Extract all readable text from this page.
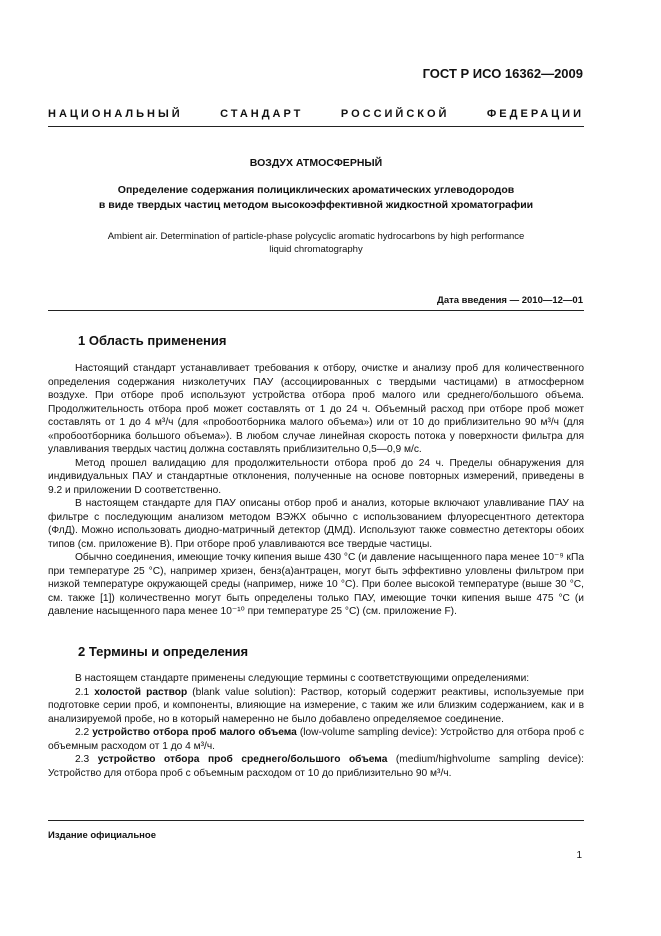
ГОСТ Р ИСО 16362—2009
НАЦИОНАЛЬНЫЙ	СТАНДАРТ	РОССИЙСКОЙ	ФЕДЕРАЦИИ
ВОЗДУХ АТМОСФЕРНЫЙ
Определение содержания полициклических ароматических углеводородов
в виде твердых частиц методом высокоэффективной жидкостной хроматографии
Ambient air. Determination of particle-phase polycyclic aromatic hydrocarbons by high performance
liquid chromatography
Дата введения — 2010—12—01
1 Область применения

Настоящий стандарт устанавливает требования к отбору, очистке и анализу проб для количественного определения содержания низколетучих ПАУ (ассоциированных с твердыми частицами) в атмосферном воздухе. При отборе проб используют устройства отбора проб малого или среднего/большого объема. Продолжительность отбора проб может составлять от 1 до 24 ч. Объемный расход при отборе проб может составлять от 1 до 4 м³/ч (для «пробоотборника малого объема») или от 10 до приблизительно 90 м³/ч (для «пробоотборника большого объема»). В любом случае линейная скорость потока у поверхности фильтра для улавливания твердых частиц должна составлять приблизительно 0,5—0,9 м/с.

Метод прошел валидацию для продолжительности отбора проб до 24 ч. Пределы обнаружения для индивидуальных ПАУ и стандартные отклонения, полученные на основе повторных измерений, приведены в 9.2 и приложении D соответственно.

В настоящем стандарте для ПАУ описаны отбор проб и анализ, которые включают улавливание ПАУ на фильтре с последующим анализом методом ВЭЖХ обычно с использованием флуоресцентного детектора (ФлД). Можно использовать диодно-матричный детектор (ДМД). Используют также совместно детекторы обоих типов (см. приложение В). При отборе проб улавливаются все твердые частицы.

Обычно соединения, имеющие точку кипения выше 430 °С (и давление насыщенного пара менее 10⁻⁹ кПа при температуре 25 °С), например хризен, бенз(а)антрацен, могут быть эффективно уловлены фильтром при низкой температуре окружающей среды (например, ниже 10 °С). При более высокой температуре (выше 30 °С, см. также [1]) количественно могут быть определены только ПАУ, имеющие точки кипения выше 475 °С (и давление насыщенного пара менее 10⁻¹⁰ при температуре 25 °С) (см. приложение F).

2 Термины и определения

В настоящем стандарте применены следующие термины с соответствующими определениями:

2.1 холостой раствор (blank value solution): Раствор, который содержит реактивы, используемые при подготовке серии проб, и компоненты, влияющие на измерение, с таким же или близким содержанием, как и в анализируемой пробе, но в который намеренно не было добавлено определяемое соединение.

2.2 устройство отбора проб малого объема (low-volume sampling device): Устройство для отбора проб с объемным расходом от 1 до 4 м³/ч.

2.3 устройство отбора проб среднего/большого объема (medium/highvolume sampling device): Устройство для отбора проб с объемным расходом от 10 до приблизительно 90 м³/ч.

Издание официальное
1
